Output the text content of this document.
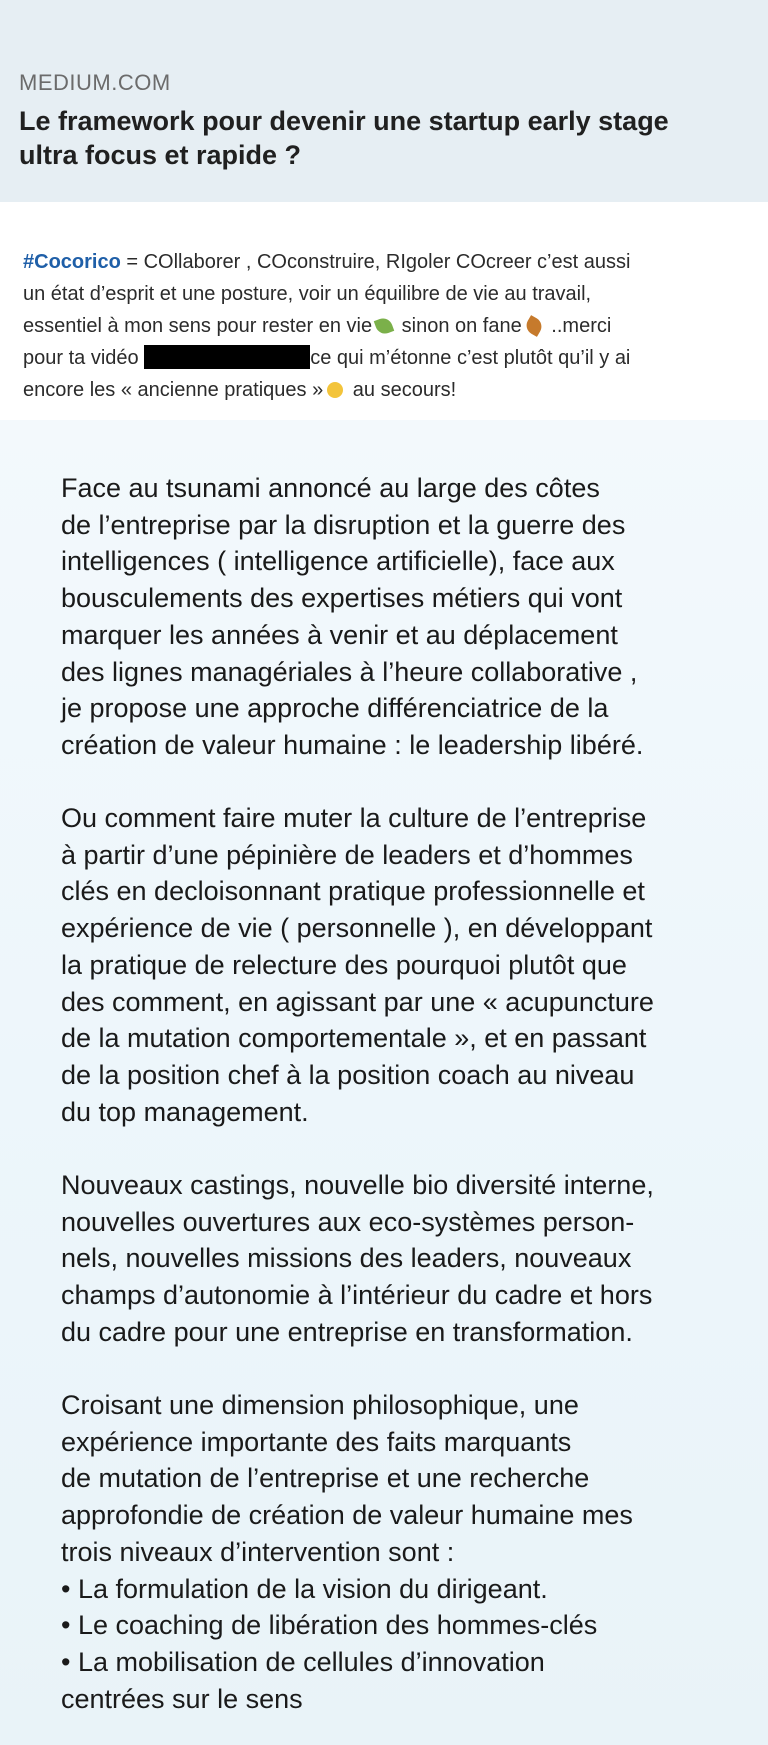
MEDIUM.COM
Le framework pour devenir une startup early stage
ultra focus et rapide ?
#Cocorico = COllaborer , COconstruire, RIgoler COcreer c’est aussi
un état d’esprit et une posture, voir un équilibre de vie au travail,
essentiel à mon sens pour rester en vie sinon on fane ..merci
pour ta vidéo	ce qui m’étonne c’est plutôt qu’il y ai
encore les « ancienne pratiques » au secours!

Face au tsunami annoncé au large des côtes
de l’entreprise par la disruption et la guerre des
intelligences ( intelligence artificielle), face aux
bousculements des expertises métiers qui vont
marquer les années à venir et au déplacement
des lignes managériales à l’heure collaborative ,
je propose une approche différenciatrice de la
création de valeur humaine : le leadership libéré.

Ou comment faire muter la culture de l’entreprise
à partir d’une pépinière de leaders et d’hommes
clés en decloisonnant pratique professionnelle et
expérience de vie ( personnelle ), en développant
la pratique de relecture des pourquoi plutôt que
des comment, en agissant par une « acupuncture
de la mutation comportementale », et en passant
de la position chef à la position coach au niveau
du top management.

Nouveaux castings, nouvelle bio diversité interne,
nouvelles ouvertures aux eco-systèmes person-
nels, nouvelles missions des leaders, nouveaux
champs d’autonomie à l’intérieur du cadre et hors
du cadre pour une entreprise en transformation.

Croisant une dimension philosophique, une
expérience importante des faits marquants
de mutation de l’entreprise et une recherche
approfondie de création de valeur humaine mes
trois niveaux d’intervention sont :
• La formulation de la vision du dirigeant.
• Le coaching de libération des hommes-clés
• La mobilisation de cellules d’innovation
centrées sur le sens
